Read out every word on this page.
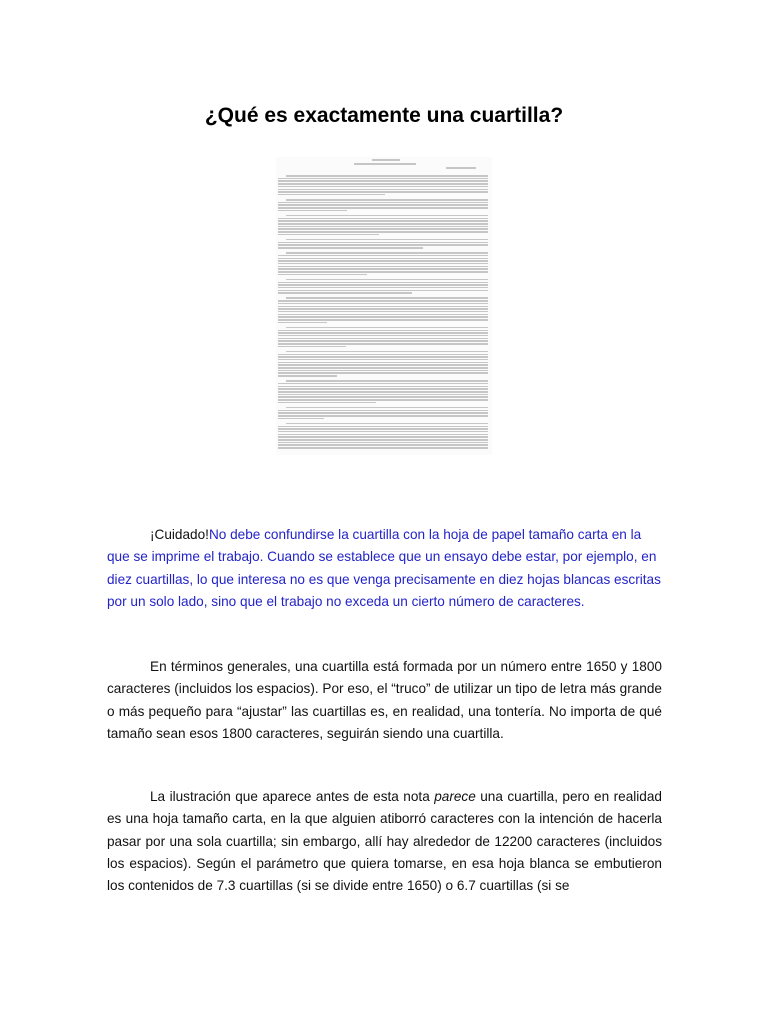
¿Qué es exactamente una cuartilla?

¡Cuidado!No debe confundirse la cuartilla con la hoja de papel tamaño carta en la que se imprime el trabajo. Cuando se establece que un ensayo debe estar, por ejemplo, en diez cuartillas, lo que interesa no es que venga precisamente en diez hojas blancas escritas por un solo lado, sino que el trabajo no exceda un cierto número de caracteres.

En términos generales, una cuartilla está formada por un número entre 1650 y 1800 caracteres (incluidos los espacios). Por eso, el “truco” de utilizar un tipo de letra más grande o más pequeño para “ajustar” las cuartillas es, en realidad, una tontería. No importa de qué tamaño sean esos 1800 caracteres, seguirán siendo una cuartilla.

La ilustración que aparece antes de esta nota parece una cuartilla, pero en realidad es una hoja tamaño carta, en la que alguien atiborró caracteres con la intención de hacerla pasar por una sola cuartilla; sin embargo, allí hay alrededor de 12200 caracteres (incluidos los espacios). Según el parámetro que quiera tomarse, en esa hoja blanca se embutieron los contenidos de 7.3 cuartillas (si se divide entre 1650) o 6.7 cuartillas (si se
